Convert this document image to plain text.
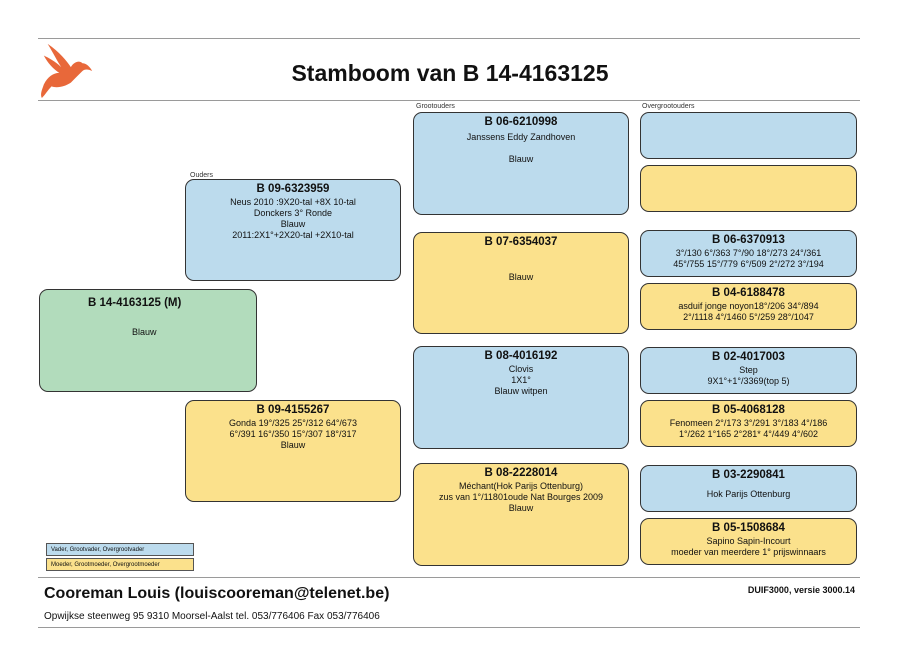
Stamboom van B 14-4163125
Ouders
Grootouders	Overgrootouders
B 14-4163125 (M)
Blauw
B 09-6323959
Neus 2010 :9X20-tal +8X 10-tal
Donckers 3° Ronde
Blauw
2011:2X1°+2X20-tal +2X10-tal
B 09-4155267
Gonda 19°/325 25°/312 64°/673
6°/391 16°/350 15°/307 18°/317
Blauw
B 06-6210998
Janssens Eddy Zandhoven
Blauw
B 07-6354037
Blauw
B 08-4016192
Clovis
1X1°
Blauw witpen
B 08-2228014
Méchant(Hok Parijs Ottenburg)
zus van 1°/11801oude Nat Bourges 2009
Blauw
B 06-6370913
3°/130 6°/363 7°/90 18°/273 24°/361
45°/755 15°/779 6°/509 2°/272 3°/194
B 04-6188478
asduif jonge noyon18°/206 34°/894
2°/1118 4°/1460 5°/259 28°/1047
B 02-4017003
Step
9X1°+1°/3369(top 5)
B 05-4068128
Fenomeen 2°/173 3°/291 3°/183 4°/186
1°/262 1°165 2°281* 4°/449 4°/602
B 03-2290841
Hok Parijs Ottenburg
B 05-1508684
Sapino Sapin-Incourt
moeder van meerdere 1° prijswinnaars
Vader, Grootvader, Overgrootvader
Moeder, Grootmoeder, Overgrootmoeder
Cooreman Louis (louiscooreman@telenet.be)	DUIF3000, versie 3000.14
Opwijkse steenweg 95 9310 Moorsel-Aalst tel. 053/776406 Fax 053/776406
